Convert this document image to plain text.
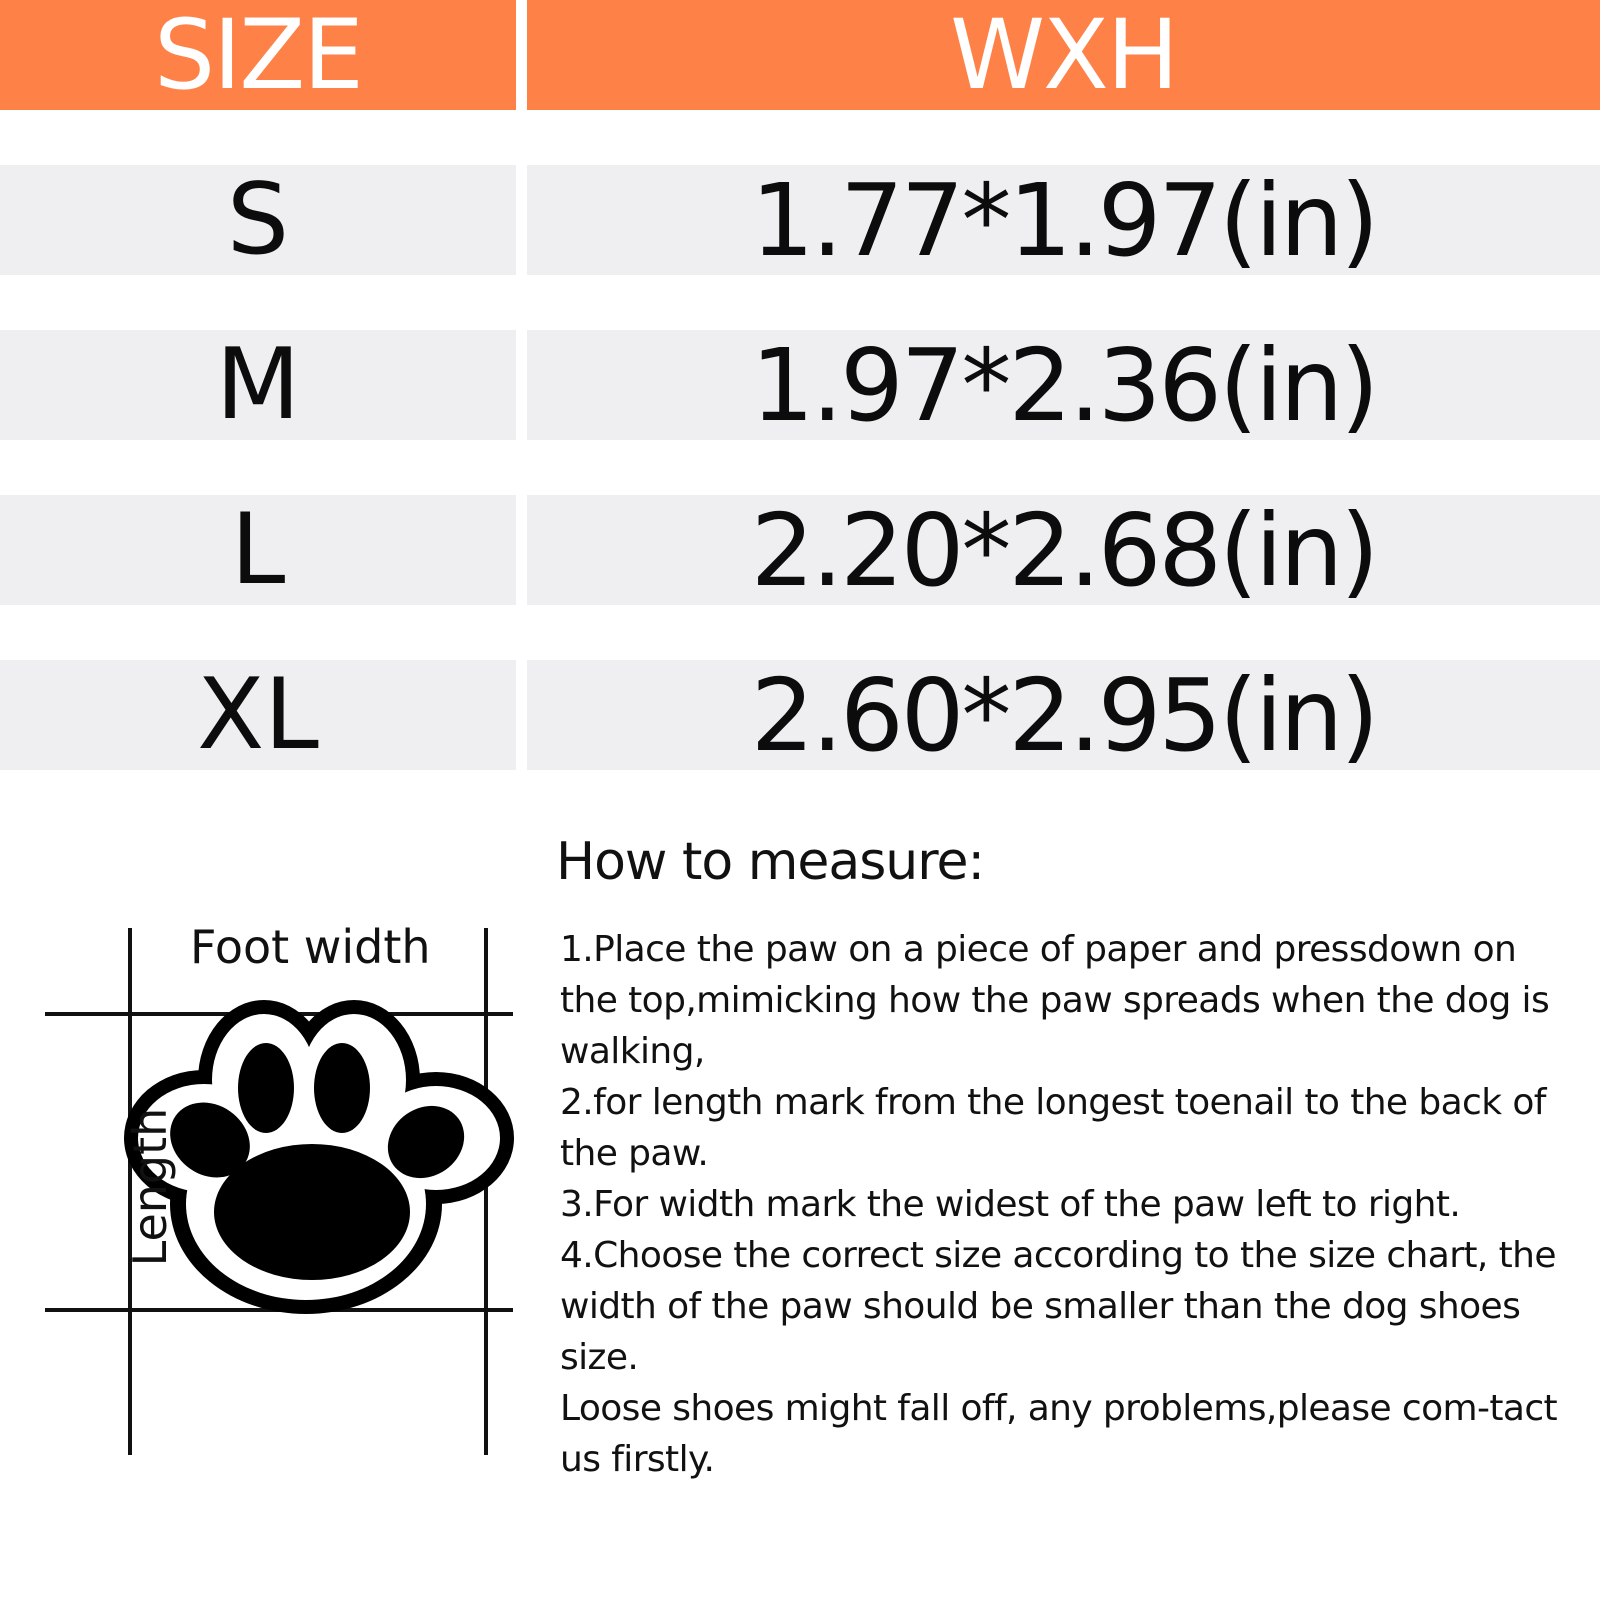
SIZE	WXH
S	1.77*1.97(in)
M	1.97*2.36(in)
L	2.20*2.68(in)
XL	2.60*2.95(in)
Foot width
Length
How to measure:
1.Place the paw on a piece of paper and pressdown on the top,mimicking how the paw spreads when the dog is walking,
2.for length mark from the longest toenail to the back of the paw.
3.For width mark the widest of the paw left to right.
4.Choose the correct size according to the size chart, the width of the paw should be smaller than the dog shoes size.
Loose shoes might fall off, any problems,please com-tact us firstly.
